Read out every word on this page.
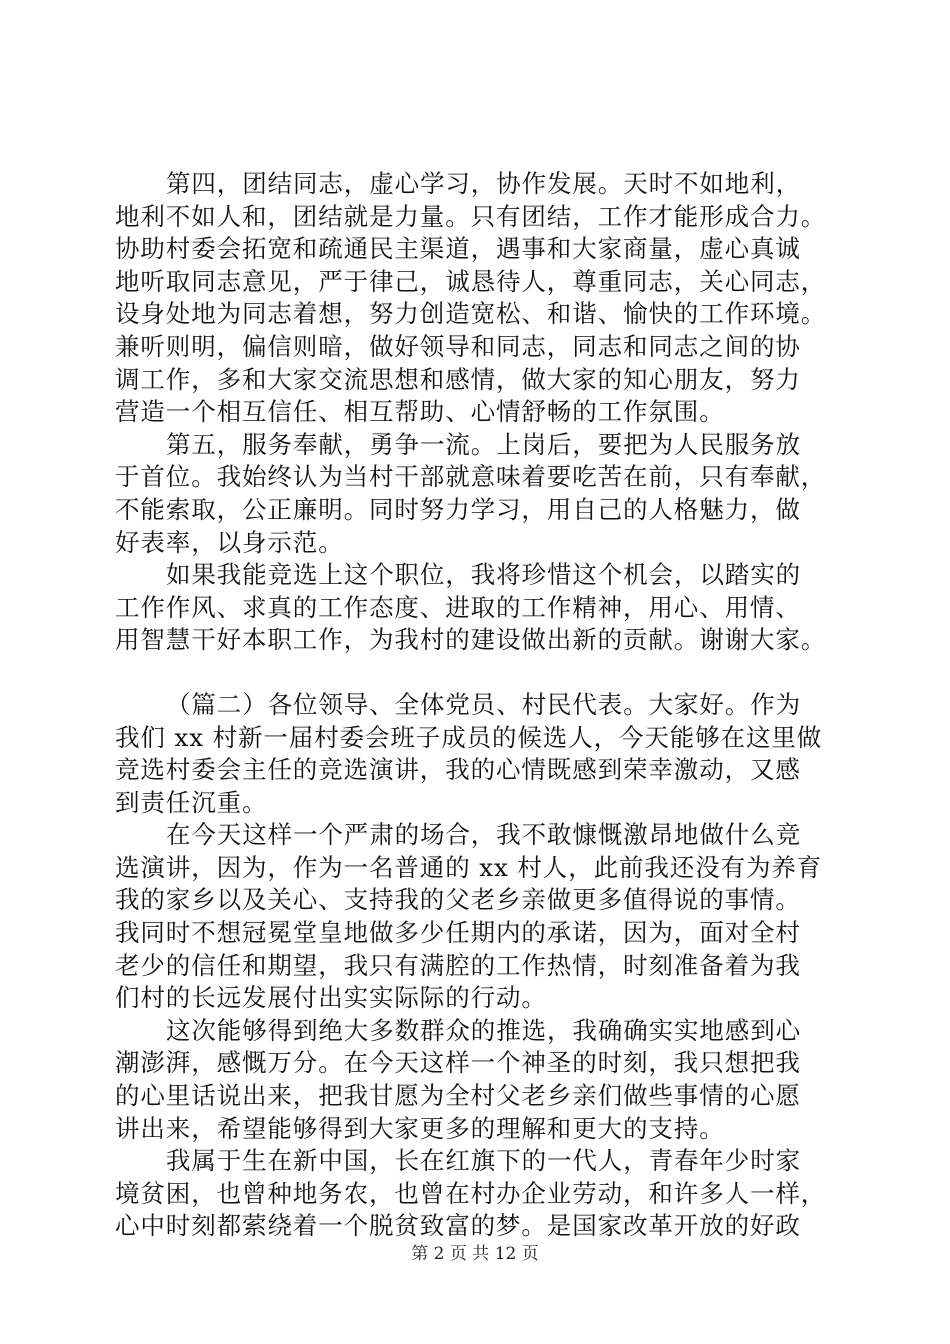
第四，团结同志，虚心学习，协作发展。天时不如地利，
地利不如人和，团结就是力量。只有团结，工作才能形成合力。
协助村委会拓宽和疏通民主渠道，遇事和大家商量，虚心真诚
地听取同志意见，严于律己，诚恳待人，尊重同志，关心同志，
设身处地为同志着想，努力创造宽松、和谐、愉快的工作环境。
兼听则明，偏信则暗，做好领导和同志，同志和同志之间的协
调工作，多和大家交流思想和感情，做大家的知心朋友，努力
营造一个相互信任、相互帮助、心情舒畅的工作氛围。
第五，服务奉献，勇争一流。上岗后，要把为人民服务放
于首位。我始终认为当村干部就意味着要吃苦在前，只有奉献，
不能索取，公正廉明。同时努力学习，用自己的人格魅力，做
好表率，以身示范。
如果我能竞选上这个职位，我将珍惜这个机会，以踏实的
工作作风、求真的工作态度、进取的工作精神，用心、用情、
用智慧干好本职工作，为我村的建设做出新的贡献。谢谢大家。
（篇二）各位领导、全体党员、村民代表。大家好。作为
我们 xx 村新一届村委会班子成员的候选人，今天能够在这里做
竞选村委会主任的竞选演讲，我的心情既感到荣幸激动，又感
到责任沉重。
在今天这样一个严肃的场合，我不敢慷慨激昂地做什么竞
选演讲，因为，作为一名普通的 xx 村人，此前我还没有为养育
我的家乡以及关心、支持我的父老乡亲做更多值得说的事情。
我同时不想冠冕堂皇地做多少任期内的承诺，因为，面对全村
老少的信任和期望，我只有满腔的工作热情，时刻准备着为我
们村的长远发展付出实实际际的行动。
这次能够得到绝大多数群众的推选，我确确实实地感到心
潮澎湃，感慨万分。在今天这样一个神圣的时刻，我只想把我
的心里话说出来，把我甘愿为全村父老乡亲们做些事情的心愿
讲出来，希望能够得到大家更多的理解和更大的支持。
我属于生在新中国，长在红旗下的一代人，青春年少时家
境贫困，也曾种地务农，也曾在村办企业劳动，和许多人一样，
心中时刻都萦绕着一个脱贫致富的梦。是国家改革开放的好政
第 2 页 共 12 页
